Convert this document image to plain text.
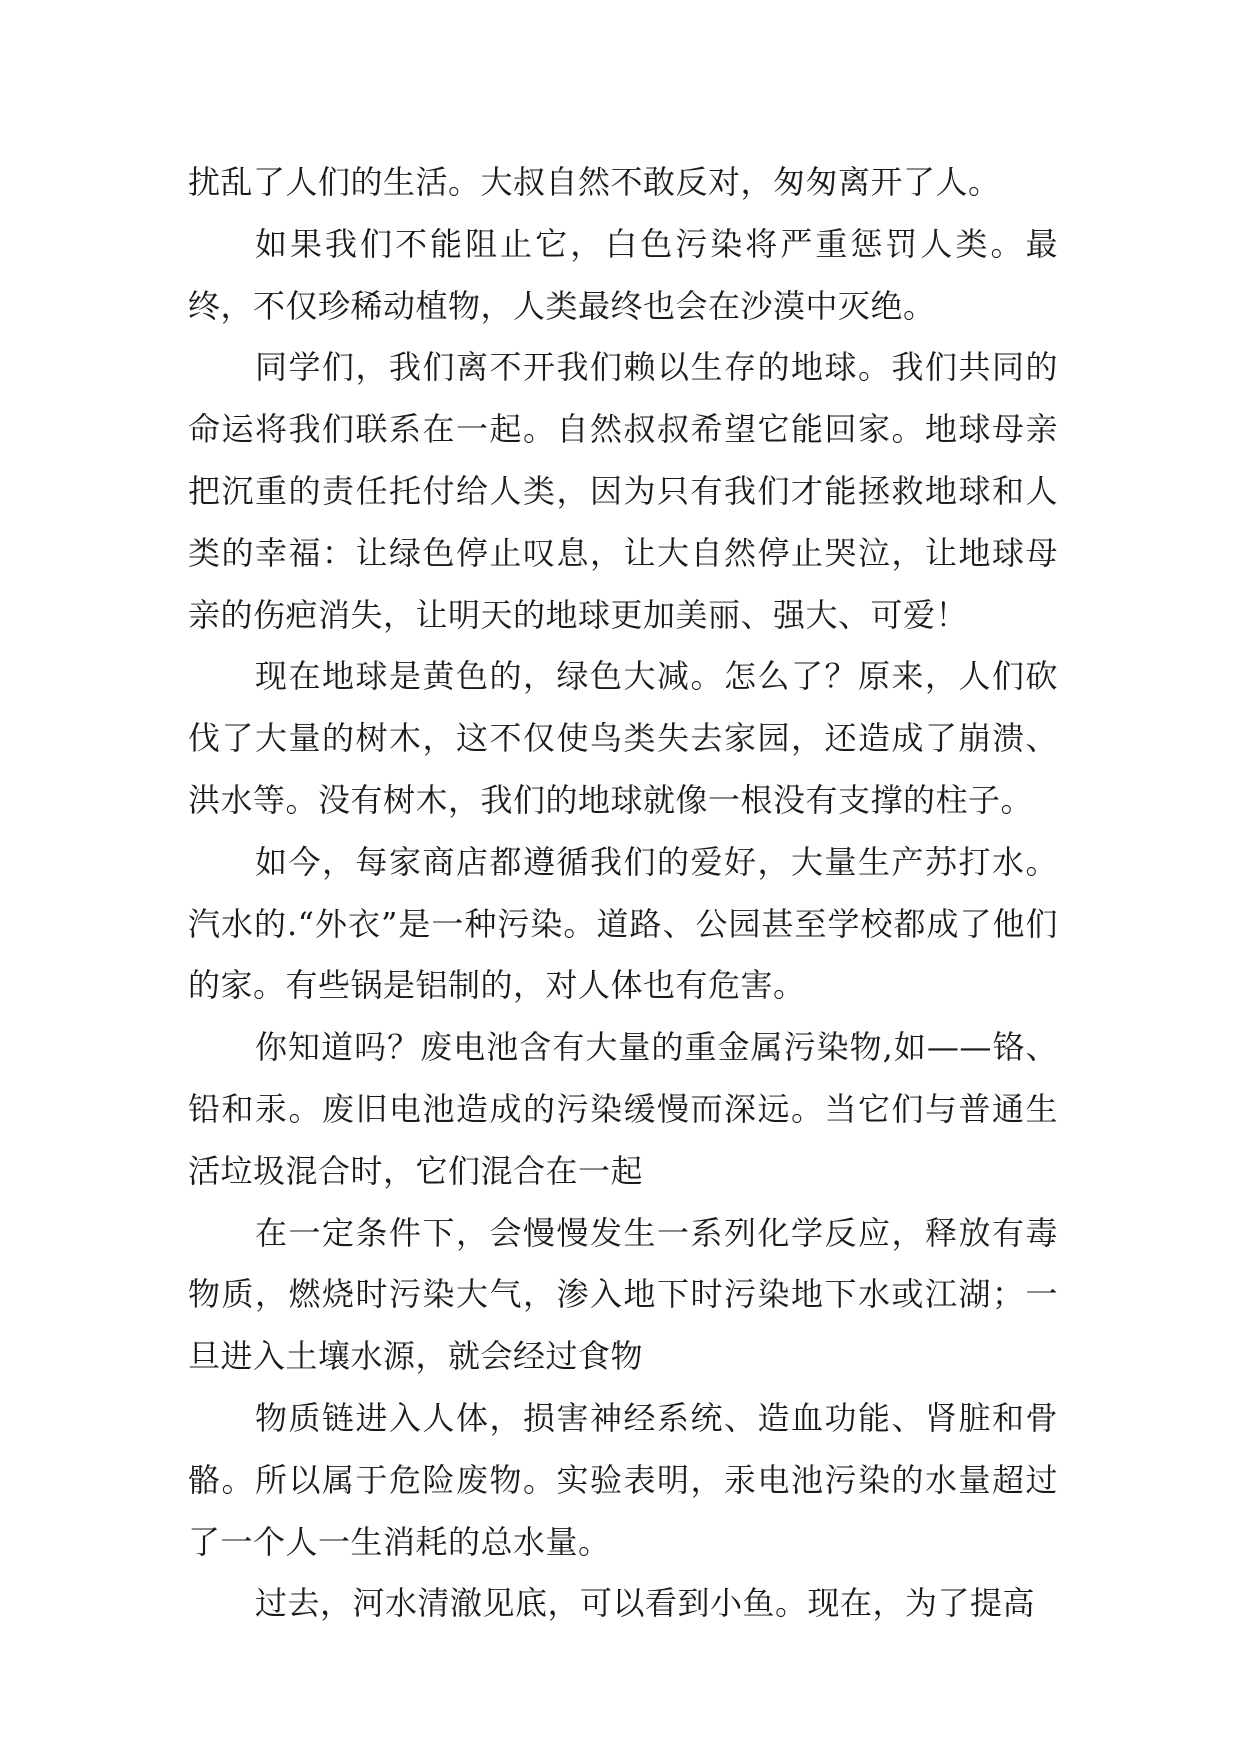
扰乱了人们的生活。大叔自然不敢反对，匆匆离开了人。

如果我们不能阻止它，白色污染将严重惩罚人类。最终，不仅珍稀动植物，人类最终也会在沙漠中灭绝。

同学们，我们离不开我们赖以生存的地球。我们共同的命运将我们联系在一起。自然叔叔希望它能回家。地球母亲把沉重的责任托付给人类，因为只有我们才能拯救地球和人类的幸福：让绿色停止叹息，让大自然停止哭泣，让地球母亲的伤疤消失，让明天的地球更加美丽、强大、可爱！

现在地球是黄色的，绿色大减。怎么了？原来，人们砍伐了大量的树木，这不仅使鸟类失去家园，还造成了崩溃、洪水等。没有树木，我们的地球就像一根没有支撑的柱子。

如今，每家商店都遵循我们的爱好，大量生产苏打水。汽水的.“外衣”是一种污染。道路、公园甚至学校都成了他们的家。有些锅是铝制的，对人体也有危害。

你知道吗？废电池含有大量的重金属污染物,如——铬、铅和汞。废旧电池造成的污染缓慢而深远。当它们与普通生活垃圾混合时，它们混合在一起

在一定条件下，会慢慢发生一系列化学反应，释放有毒物质，燃烧时污染大气，渗入地下时污染地下水或江湖；一旦进入土壤水源，就会经过食物

物质链进入人体，损害神经系统、造血功能、肾脏和骨骼。所以属于危险废物。实验表明，汞电池污染的水量超过了一个人一生消耗的总水量。

过去，河水清澈见底，可以看到小鱼。现在，为了提高
